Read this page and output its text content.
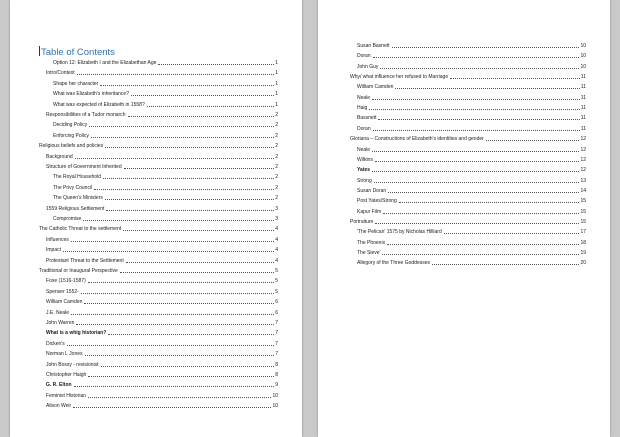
Table of Contents
Option 12: Elizabeth I and the Elizabethan Age	1
Intro/Context	1
Shape her character	1
What was Elizabeth's inheritance?	1
What was expected of Elizabeth in 1558?	1
Responsibilities of a Tudor monarch	2
Deciding Policy	2
Enforcing Policy	2
Religious beliefs and policies	2
Background	2
Structure of Government Inherited	2
The Royal Household	2
The Privy Council	2
The Queen's Ministers	2
1559 Religious Settlement	3
Compromise	3
The Catholic Threat to the settlement	4
Influences	4
Impact	4
Protestant Threat to the Settlement	4
Traditional or Inaugural Perspective	5
Foxe (1516-1587)	5
Spenser 1552-	5
William Camden	6
J.E. Neale	6
John Warren	7
What is a whig historian?	7
Dicken's	7
Norman L Jones	7
John Bossy - revisionist	8
Christopher Haigh	8
G. R. Elton	9
Feminist Historian	10
Alison Weir	10
Susan Basnett	10
Doran	10
John Guy	10
Why/ what influence her refused to Marriage	11
William Camden	11
Neale	11
Haig	11
Bassnett	11
Doran	11
Gloriana – Constructions of Elizabeth's identities and gender	12
Neale	12
Wilkins	12
Yates	12
Strong	13
Susan Doran	14
Post Yates/Strong	15
Kapur Film	15
Portraiture	15
'The Pelican' 1575 by Nicholas Hilliard	17
The Phoenix	18
The Sieve'	19
Allegory of the Three Goddesses	20
